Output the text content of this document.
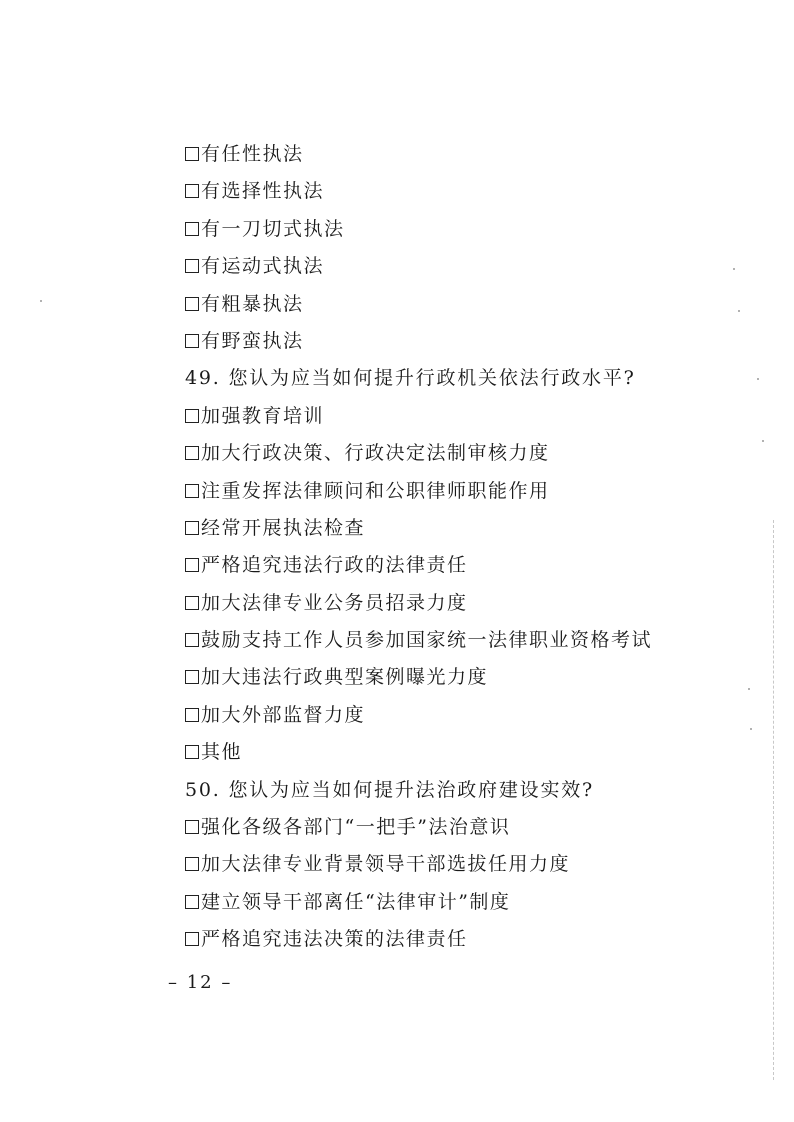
有任性执法
有选择性执法
有一刀切式执法
有运动式执法
有粗暴执法
有野蛮执法
49. 您认为应当如何提升行政机关依法行政水平?
加强教育培训
加大行政决策、行政决定法制审核力度
注重发挥法律顾问和公职律师职能作用
经常开展执法检查
严格追究违法行政的法律责任
加大法律专业公务员招录力度
鼓励支持工作人员参加国家统一法律职业资格考试
加大违法行政典型案例曝光力度
加大外部监督力度
其他
50. 您认为应当如何提升法治政府建设实效?
强化各级各部门“一把手”法治意识
加大法律专业背景领导干部选拔任用力度
建立领导干部离任“法律审计”制度
严格追究违法决策的法律责任
– 12 –
